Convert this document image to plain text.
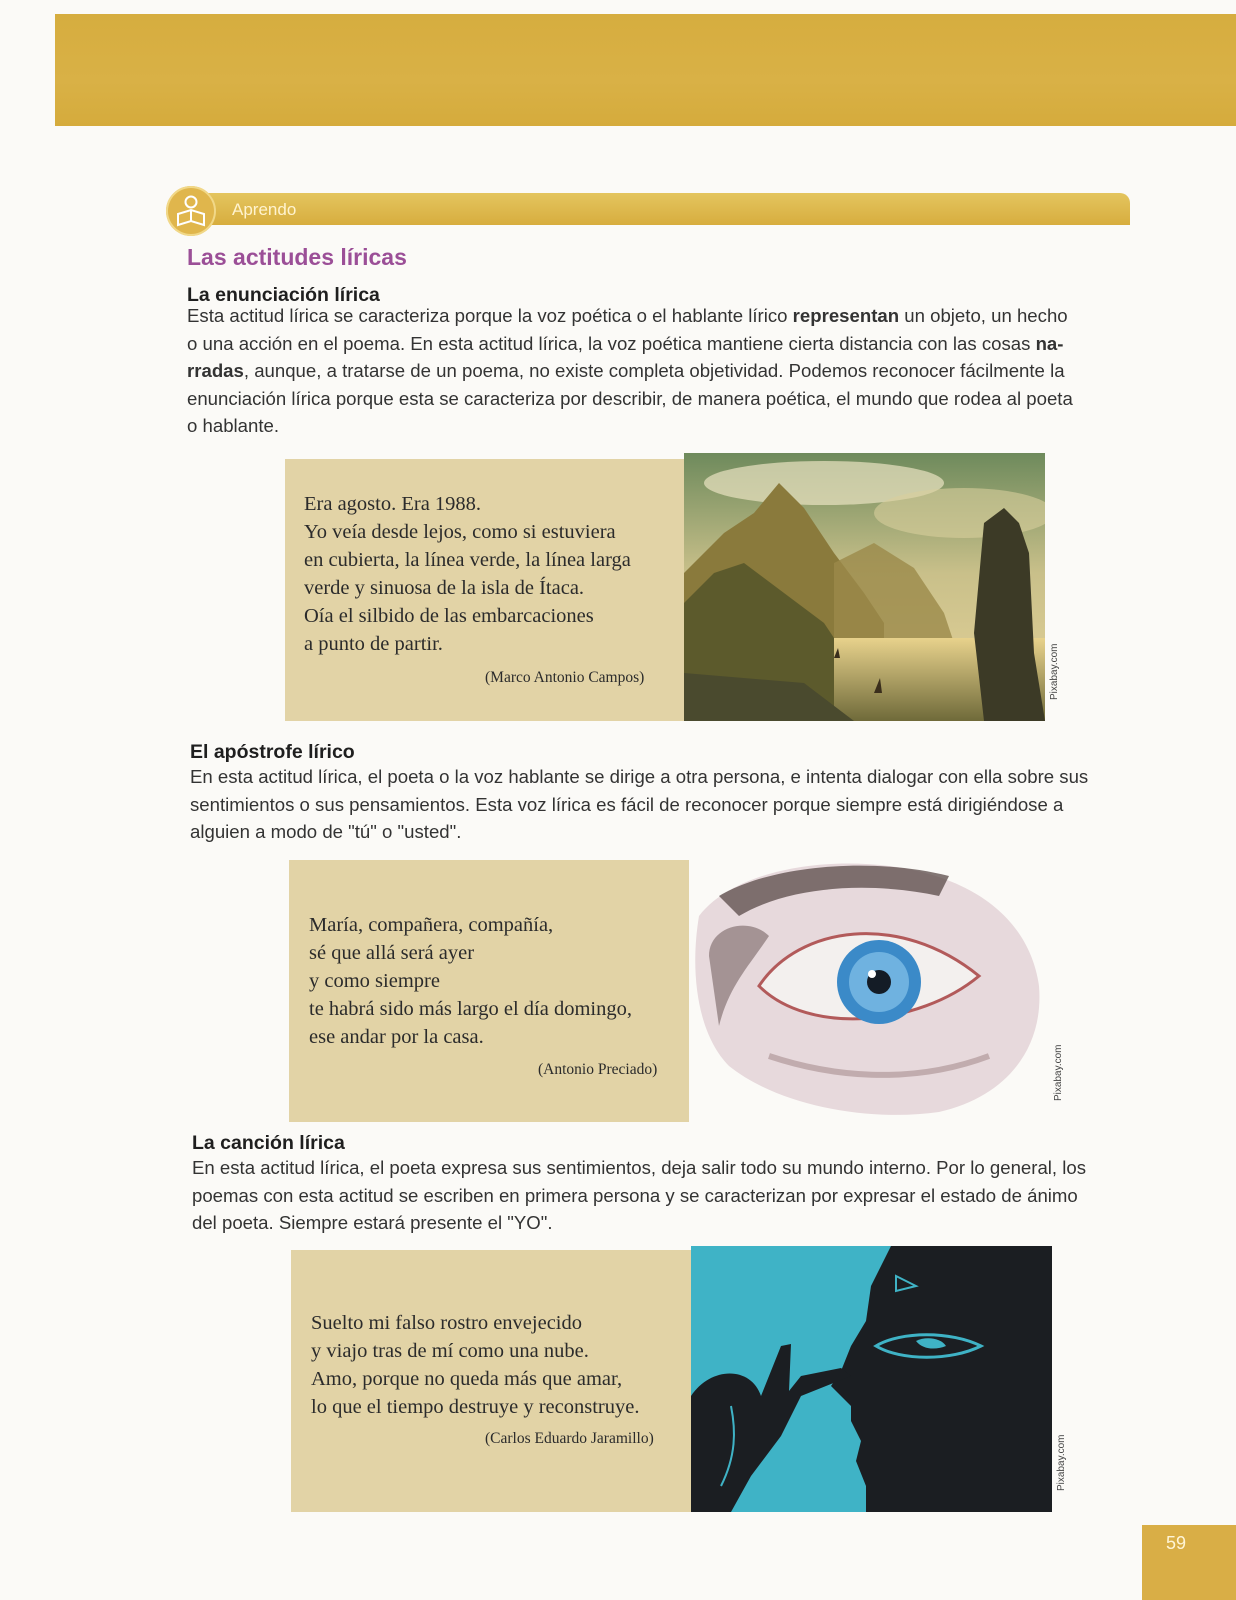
Aprendo
Las actitudes líricas
La enunciación lírica
Esta actitud lírica se caracteriza porque la voz poética o el hablante lírico representan un objeto, un hecho
o una acción en el poema. En esta actitud lírica, la voz poética mantiene cierta distancia con las cosas na-
rradas, aunque, a tratarse de un poema, no existe completa objetividad. Podemos reconocer fácilmente la
enunciación lírica porque esta se caracteriza por describir, de manera poética, el mundo que rodea al poeta
o hablante.
Era agosto. Era 1988.
Yo veía desde lejos, como si estuviera
en cubierta, la línea verde, la línea larga
verde y sinuosa de la isla de Ítaca.
Oía el silbido de las embarcaciones
a punto de partir.
(Marco Antonio Campos)	Pixabay.com
El apóstrofe lírico
En esta actitud lírica, el poeta o la voz hablante se dirige a otra persona, e intenta dialogar con ella sobre sus
sentimientos o sus pensamientos. Esta voz lírica es fácil de reconocer porque siempre está dirigiéndose a
alguien a modo de "tú" o "usted".
María, compañera, compañía,
sé que allá será ayer
y como siempre
te habrá sido más largo el día domingo,
ese andar por la casa.
(Antonio Preciado)	Pixabay.com
La canción lírica
En esta actitud lírica, el poeta expresa sus sentimientos, deja salir todo su mundo interno. Por lo general, los
poemas con esta actitud se escriben en primera persona y se caracterizan por expresar el estado de ánimo
del poeta. Siempre estará presente el "YO".
Suelto mi falso rostro envejecido
y viajo tras de mí como una nube.
Amo, porque no queda más que amar,
lo que el tiempo destruye y reconstruye.
(Carlos Eduardo Jaramillo)	Pixabay.com
59
